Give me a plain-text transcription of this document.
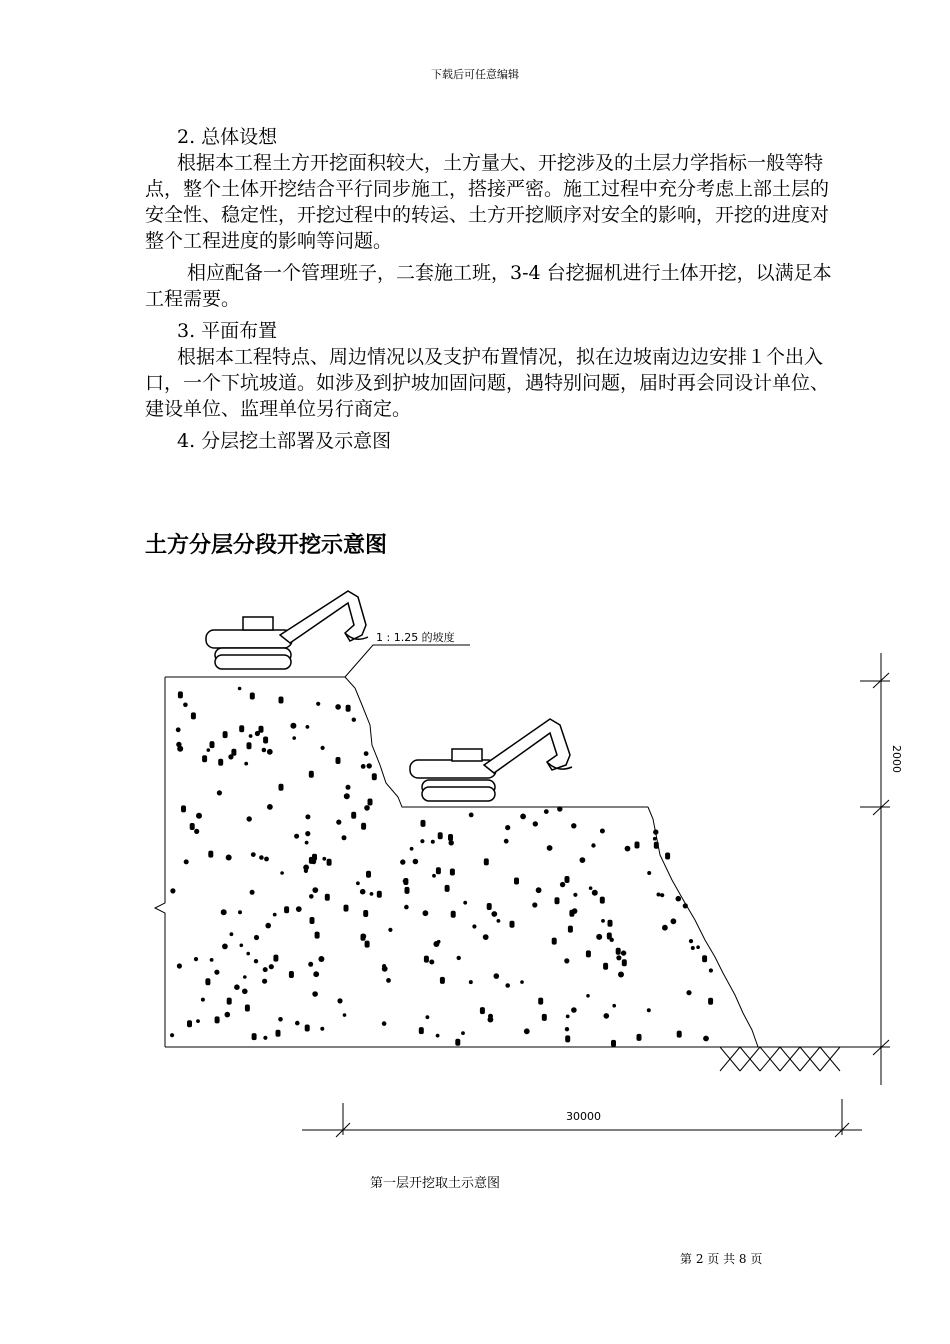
下载后可任意编辑

2. 总体设想

根据本工程土方开挖面积较大，土方量大、开挖涉及的土层力学指标一般等特点，整个土体开挖结合平行同步施工，搭接严密。施工过程中充分考虑上部土层的安全性、稳定性，开挖过程中的转运、土方开挖顺序对安全的影响，开挖的进度对整个工程进度的影响等问题。

相应配备一个管理班子，二套施工班，3-4 台挖掘机进行土体开挖，以满足本工程需要。

3. 平面布置

根据本工程特点、周边情况以及支护布置情况，拟在边坡南边边安排１个出入口，一个下坑坡道。如涉及到护坡加固问题，遇特别问题，届时再会同设计单位、建设单位、监理单位另行商定。

4. 分层挖土部署及示意图

土方分层分段开挖示意图
1 : 1.25 的坡度
2000
30000
第一层开挖取土示意图
第 2 页 共 8 页
